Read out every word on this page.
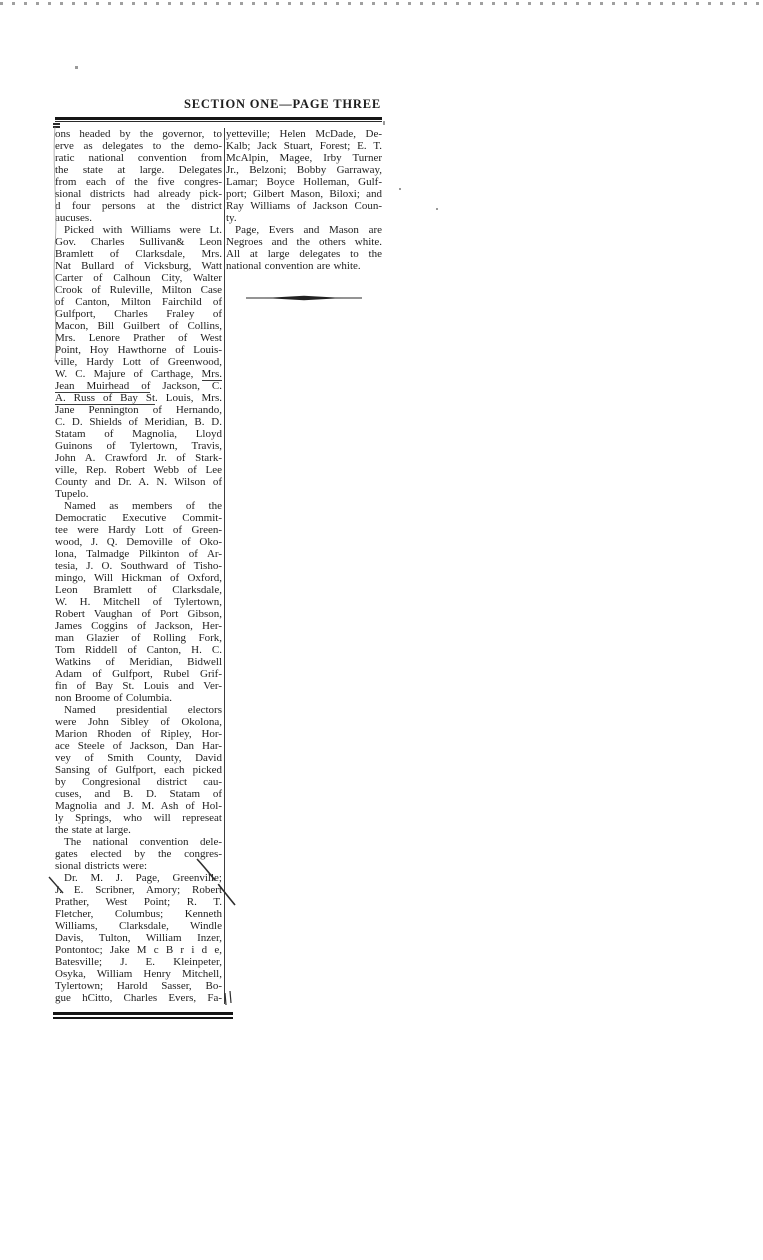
SECTION ONE—PAGE THREE
ons headed by the governor, to
erve as delegates to the demo-
ratic national convention from
the state at large. Delegates
from each of the five congres-
sional districts had already pick-
d four persons at the district
aucuses.
Picked with Williams were Lt.
Gov. Charles Sullivan& Leon
Bramlett of Clarksdale, Mrs.
Nat Bullard of Vicksburg, Watt
Carter of Calhoun City, Walter
Crook of Ruleville, Milton Case
of Canton, Milton Fairchild of
Gulfport, Charles Fraley of
Macon, Bill Guilbert of Collins,
Mrs. Lenore Prather of West
Point, Hoy Hawthorne of Louis-
ville, Hardy Lott of Greenwood,
W. C. Majure of Carthage, Mrs.
Jean Muirhead of Jackson, C.
A. Russ of Bay St. Louis, Mrs.
Jane Pennington of Hernando,
C. D. Shields of Meridian, B. D.
Statam of Magnolia, Lloyd
Guinons of Tylertown, Travis,
John A. Crawford Jr. of Stark-
ville, Rep. Robert Webb of Lee
County and Dr. A. N. Wilson of
Tupelo.
Named as members of the
Democratic Executive Commit-
tee were Hardy Lott of Green-
wood, J. Q. Demoville of Oko-
lona, Talmadge Pilkinton of Ar-
tesia, J. O. Southward of Tisho-
mingo, Will Hickman of Oxford,
Leon Bramlett of Clarksdale,
W. H. Mitchell of Tylertown,
Robert Vaughan of Port Gibson,
James Coggins of Jackson, Her-
man Glazier of Rolling Fork,
Tom Riddell of Canton, H. C.
Watkins of Meridian, Bidwell
Adam of Gulfport, Rubel Grif-
fin of Bay St. Louis and Ver-
non Broome of Columbia.
Named presidential electors
were John Sibley of Okolona,
Marion Rhoden of Ripley, Hor-
ace Steele of Jackson, Dan Har-
vey of Smith County, David
Sansing of Gulfport, each picked
by Congresional district cau-
cuses, and B. D. Statam of
Magnolia and J. M. Ash of Hol-
ly Springs, who will represeat
the state at large.
The national convention dele-
gates elected by the congres-
sional districts were:
Dr. M. J. Page, Greenville;
J. E. Scribner, Amory; Robert
Prather, West Point; R. T.
Fletcher, Columbus; Kenneth
Williams, Clarksdale, Windle
Davis, Tulton, William Inzer,
Pontontoc; Jake M c B r i d e,
Batesville; J. E. Kleinpeter,
Osyka, William Henry Mitchell,
Tylertown; Harold Sasser, Bo-
gue hCitto, Charles Evers, Fa-
yetteville; Helen McDade, De-
Kalb; Jack Stuart, Forest; E. T.
McAlpin, Magee, Irby Turner
Jr., Belzoni; Bobby Garraway,
Lamar; Boyce Holleman, Gulf-
port; Gilbert Mason, Biloxi; and
Ray Williams of Jackson Coun-
ty.
Page, Evers and Mason are
Negroes and the others white.
All at large delegates to the
national convention are white.
